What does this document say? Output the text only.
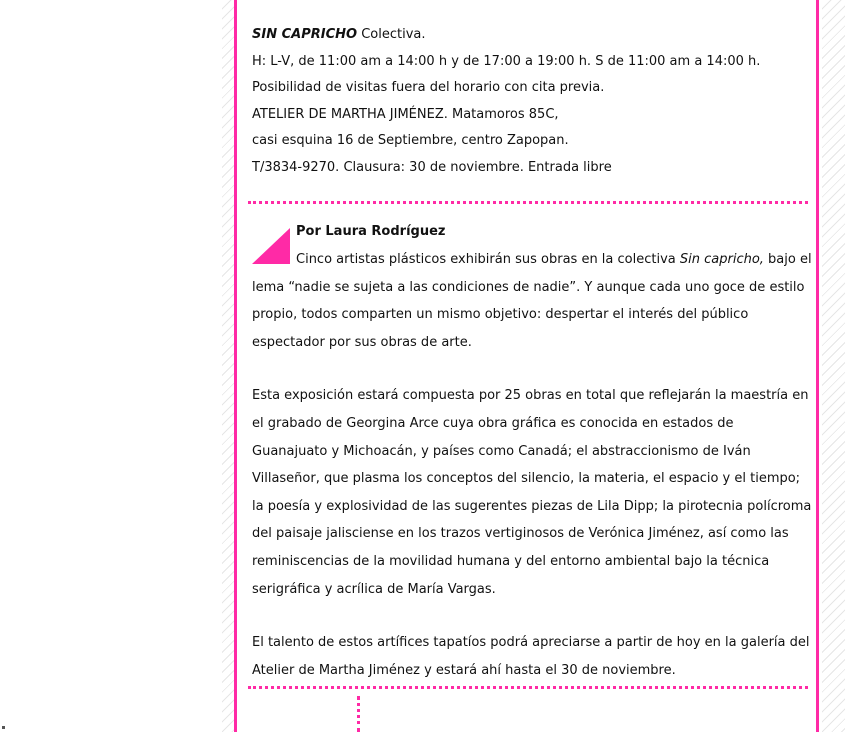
SIN CAPRICHO Colectiva.

H: L-V, de 11:00 am a 14:00 h y de 17:00 a 19:00 h. S de 11:00 am a 14:00 h.

Posibilidad de visitas fuera del horario con cita previa.

ATELIER DE MARTHA JIMÉNEZ. Matamoros 85C,

casi esquina 16 de Septiembre, centro Zapopan.

T/3834-9270. Clausura: 30 de noviembre. Entrada libre

Por Laura Rodríguez

Cinco artistas plásticos exhibirán sus obras en la colectiva Sin capricho, bajo el lema “nadie se sujeta a las condiciones de nadie”. Y aunque cada uno goce de estilo propio, todos comparten un mismo objetivo: despertar el interés del público espectador por sus obras de arte.

Esta exposición estará compuesta por 25 obras en total que reflejarán la maestría en el grabado de Georgina Arce cuya obra gráfica es conocida en estados de Guanajuato y Michoacán, y países como Canadá; el abstraccionismo de Iván Villaseñor, que plasma los conceptos del silencio, la materia, el espacio y el tiempo; la poesía y explosividad de las sugerentes piezas de Lila Dipp; la pirotecnia polícroma del paisaje jalisciense en los trazos vertiginosos de Verónica Jiménez, así como las reminiscencias de la movilidad humana y del entorno ambiental bajo la técnica serigráfica y acrílica de María Vargas.

El talento de estos artífices tapatíos podrá apreciarse a partir de hoy en la galería del Atelier de Martha Jiménez y estará ahí hasta el 30 de noviembre.
